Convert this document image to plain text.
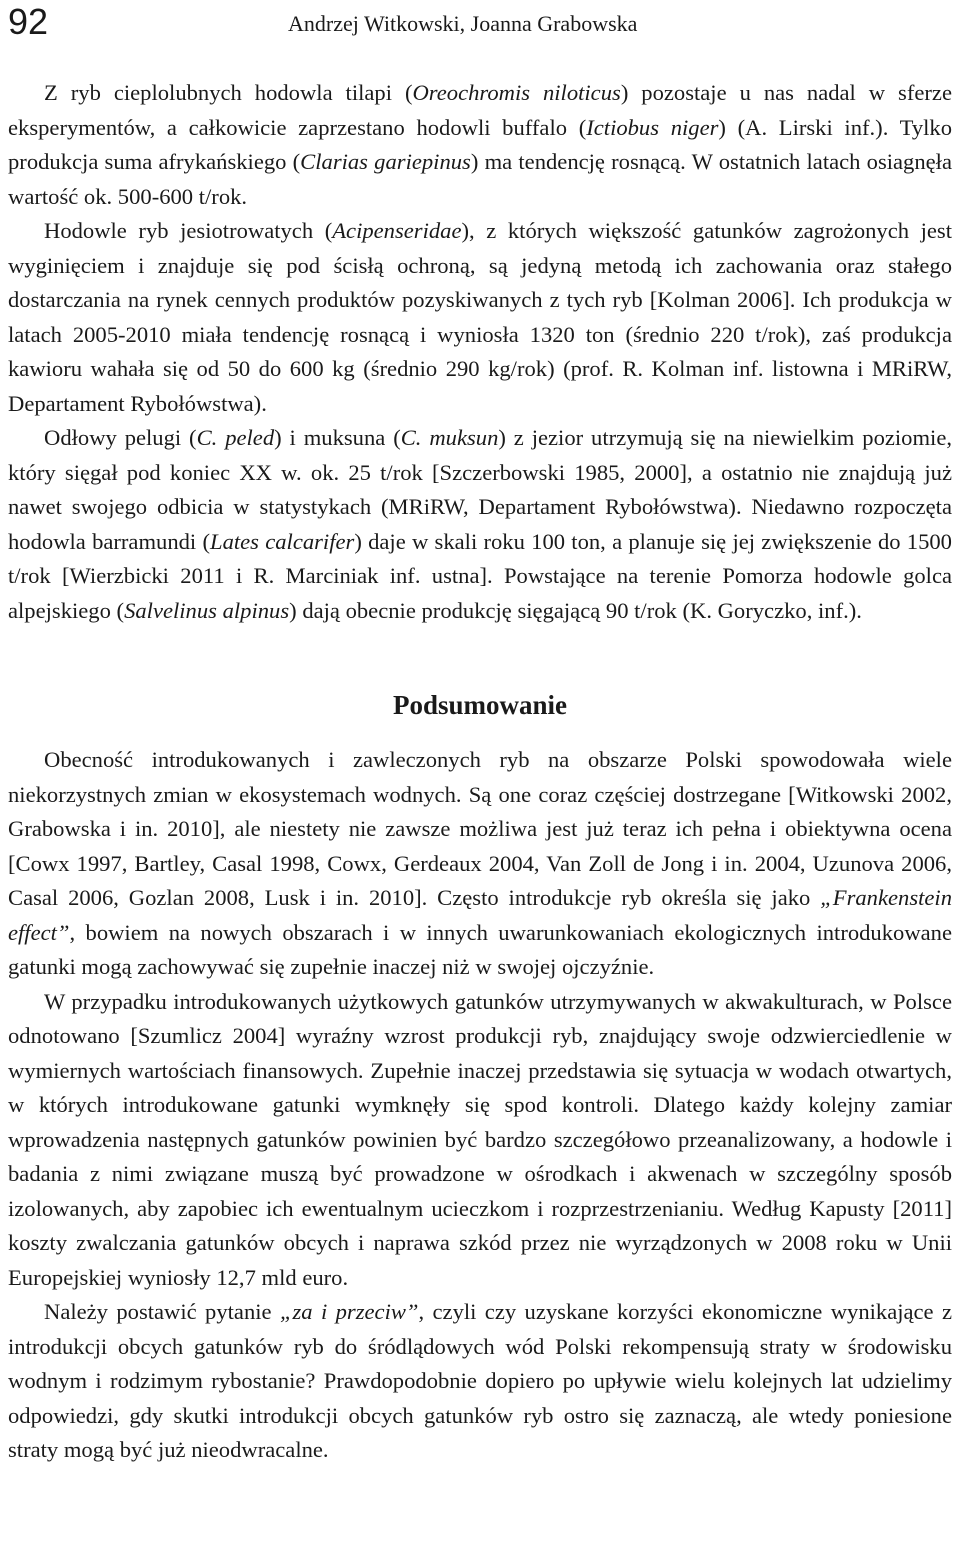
92	Andrzej Witkowski, Joanna Grabowska

Z ryb cieplolubnych hodowla tilapi (Oreochromis niloticus) pozostaje u nas nadal w sferze eksperymentów, a całkowicie zaprzestano hodowli buffalo (Ictiobus niger) (A. Lirski inf.). Tylko produkcja suma afrykańskiego (Clarias gariepinus) ma tendencję rosnącą. W ostatnich latach osiagnęła wartość ok. 500-600 t/rok.

Hodowle ryb jesiotrowatych (Acipenseridae), z których większość gatunków zagrożonych jest wyginięciem i znajduje się pod ścisłą ochroną, są jedyną metodą ich zachowania oraz stałego dostarczania na rynek cennych produktów pozyskiwanych z tych ryb [Kolman 2006]. Ich produkcja w latach 2005-2010 miała tendencję rosnącą i wyniosła 1320 ton (średnio 220 t/rok), zaś produkcja kawioru wahała się od 50 do 600 kg (średnio 290 kg/rok) (prof. R. Kolman inf. listowna i MRiRW, Departament Rybołówstwa).

Odłowy pelugi (C. peled) i muksuna (C. muksun) z jezior utrzymują się na niewielkim poziomie, który sięgał pod koniec XX w. ok. 25 t/rok [Szczerbowski 1985, 2000], a ostatnio nie znajdują już nawet swojego odbicia w statystykach (MRiRW, Departament Rybołówstwa). Niedawno rozpoczęta hodowla barramundi (Lates calcarifer) daje w skali roku 100 ton, a planuje się jej zwiększenie do 1500 t/rok [Wierzbicki 2011 i R. Marciniak inf. ustna]. Powstające na terenie Pomorza hodowle golca alpejskiego (Salvelinus alpinus) dają obecnie produkcję sięgającą 90 t/rok (K. Goryczko, inf.).

Podsumowanie

Obecność introdukowanych i zawleczonych ryb na obszarze Polski spowodowała wiele niekorzystnych zmian w ekosystemach wodnych. Są one coraz częściej dostrzegane [Witkowski 2002, Grabowska i in. 2010], ale niestety nie zawsze możliwa jest już teraz ich pełna i obiektywna ocena [Cowx 1997, Bartley, Casal 1998, Cowx, Gerdeaux 2004, Van Zoll de Jong i in. 2004, Uzunova 2006, Casal 2006, Gozlan 2008, Lusk i in. 2010]. Często introdukcje ryb określa się jako „Frankenstein effect”, bowiem na nowych obszarach i w innych uwarunkowaniach ekologicznych introdukowane gatunki mogą zachowywać się zupełnie inaczej niż w swojej ojczyźnie.

W przypadku introdukowanych użytkowych gatunków utrzymywanych w akwakulturach, w Polsce odnotowano [Szumlicz 2004] wyraźny wzrost produkcji ryb, znajdujący swoje odzwierciedlenie w wymiernych wartościach finansowych. Zupełnie inaczej przedstawia się sytuacja w wodach otwartych, w których introdukowane gatunki wymknęły się spod kontroli. Dlatego każdy kolejny zamiar wprowadzenia następnych gatunków powinien być bardzo szczegółowo przeanalizowany, a hodowle i badania z nimi związane muszą być prowadzone w ośrodkach i akwenach w szczególny sposób izolowanych, aby zapobiec ich ewentualnym ucieczkom i rozprzestrzenianiu. Według Kapusty [2011] koszty zwalczania gatunków obcych i naprawa szkód przez nie wyrządzonych w 2008 roku w Unii Europejskiej wyniosły 12,7 mld euro.

Należy postawić pytanie „za i przeciw”, czyli czy uzyskane korzyści ekonomiczne wynikające z introdukcji obcych gatunków ryb do śródlądowych wód Polski rekompensują straty w środowisku wodnym i rodzimym rybostanie? Prawdopodobnie dopiero po upływie wielu kolejnych lat udzielimy odpowiedzi, gdy skutki introdukcji obcych gatunków ryb ostro się zaznaczą, ale wtedy poniesione straty mogą być już nieodwracalne.
